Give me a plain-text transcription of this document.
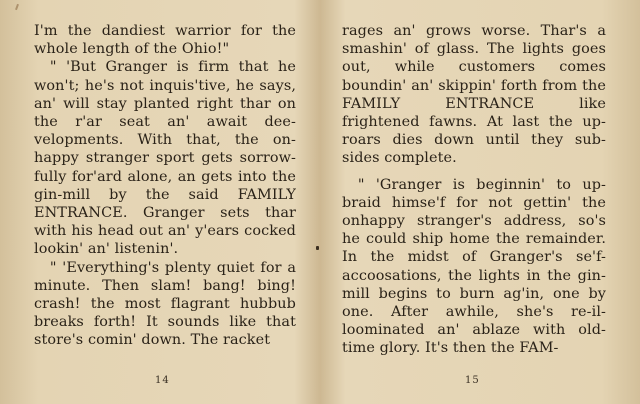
I'm the dandiest warrior for the whole length of the Ohio!"

" 'But Granger is firm that he won't; he's not inquis'tive, he says, an' will stay planted right thar on the r'ar seat an' await dee-velopments. With that, the on-happy stranger sport gets sorrow-fully for'ard alone, an gets into the gin-mill by the said FAMILY ENTRANCE. Granger sets thar with his head out an' y'ears cocked lookin' an' listenin'.

" 'Everything's plenty quiet for a minute. Then slam! bang! bing! crash! the most flagrant hubbub breaks forth! It sounds like that store's comin' down. The racket

14

rages an' grows worse. Thar's a smashin' of glass. The lights goes out, while customers comes boundin' an' skippin' forth from the FAMILY ENTRANCE like frightened fawns. At last the up-roars dies down until they sub-sides complete.

" 'Granger is beginnin' to up-braid himse'f for not gettin' the onhappy stranger's address, so's he could ship home the remainder. In the midst of Granger's se'f-accoosations, the lights in the gin-mill begins to burn ag'in, one by one. After awhile, she's re-il-loominated an' ablaze with old-time glory. It's then the FAM-

15
